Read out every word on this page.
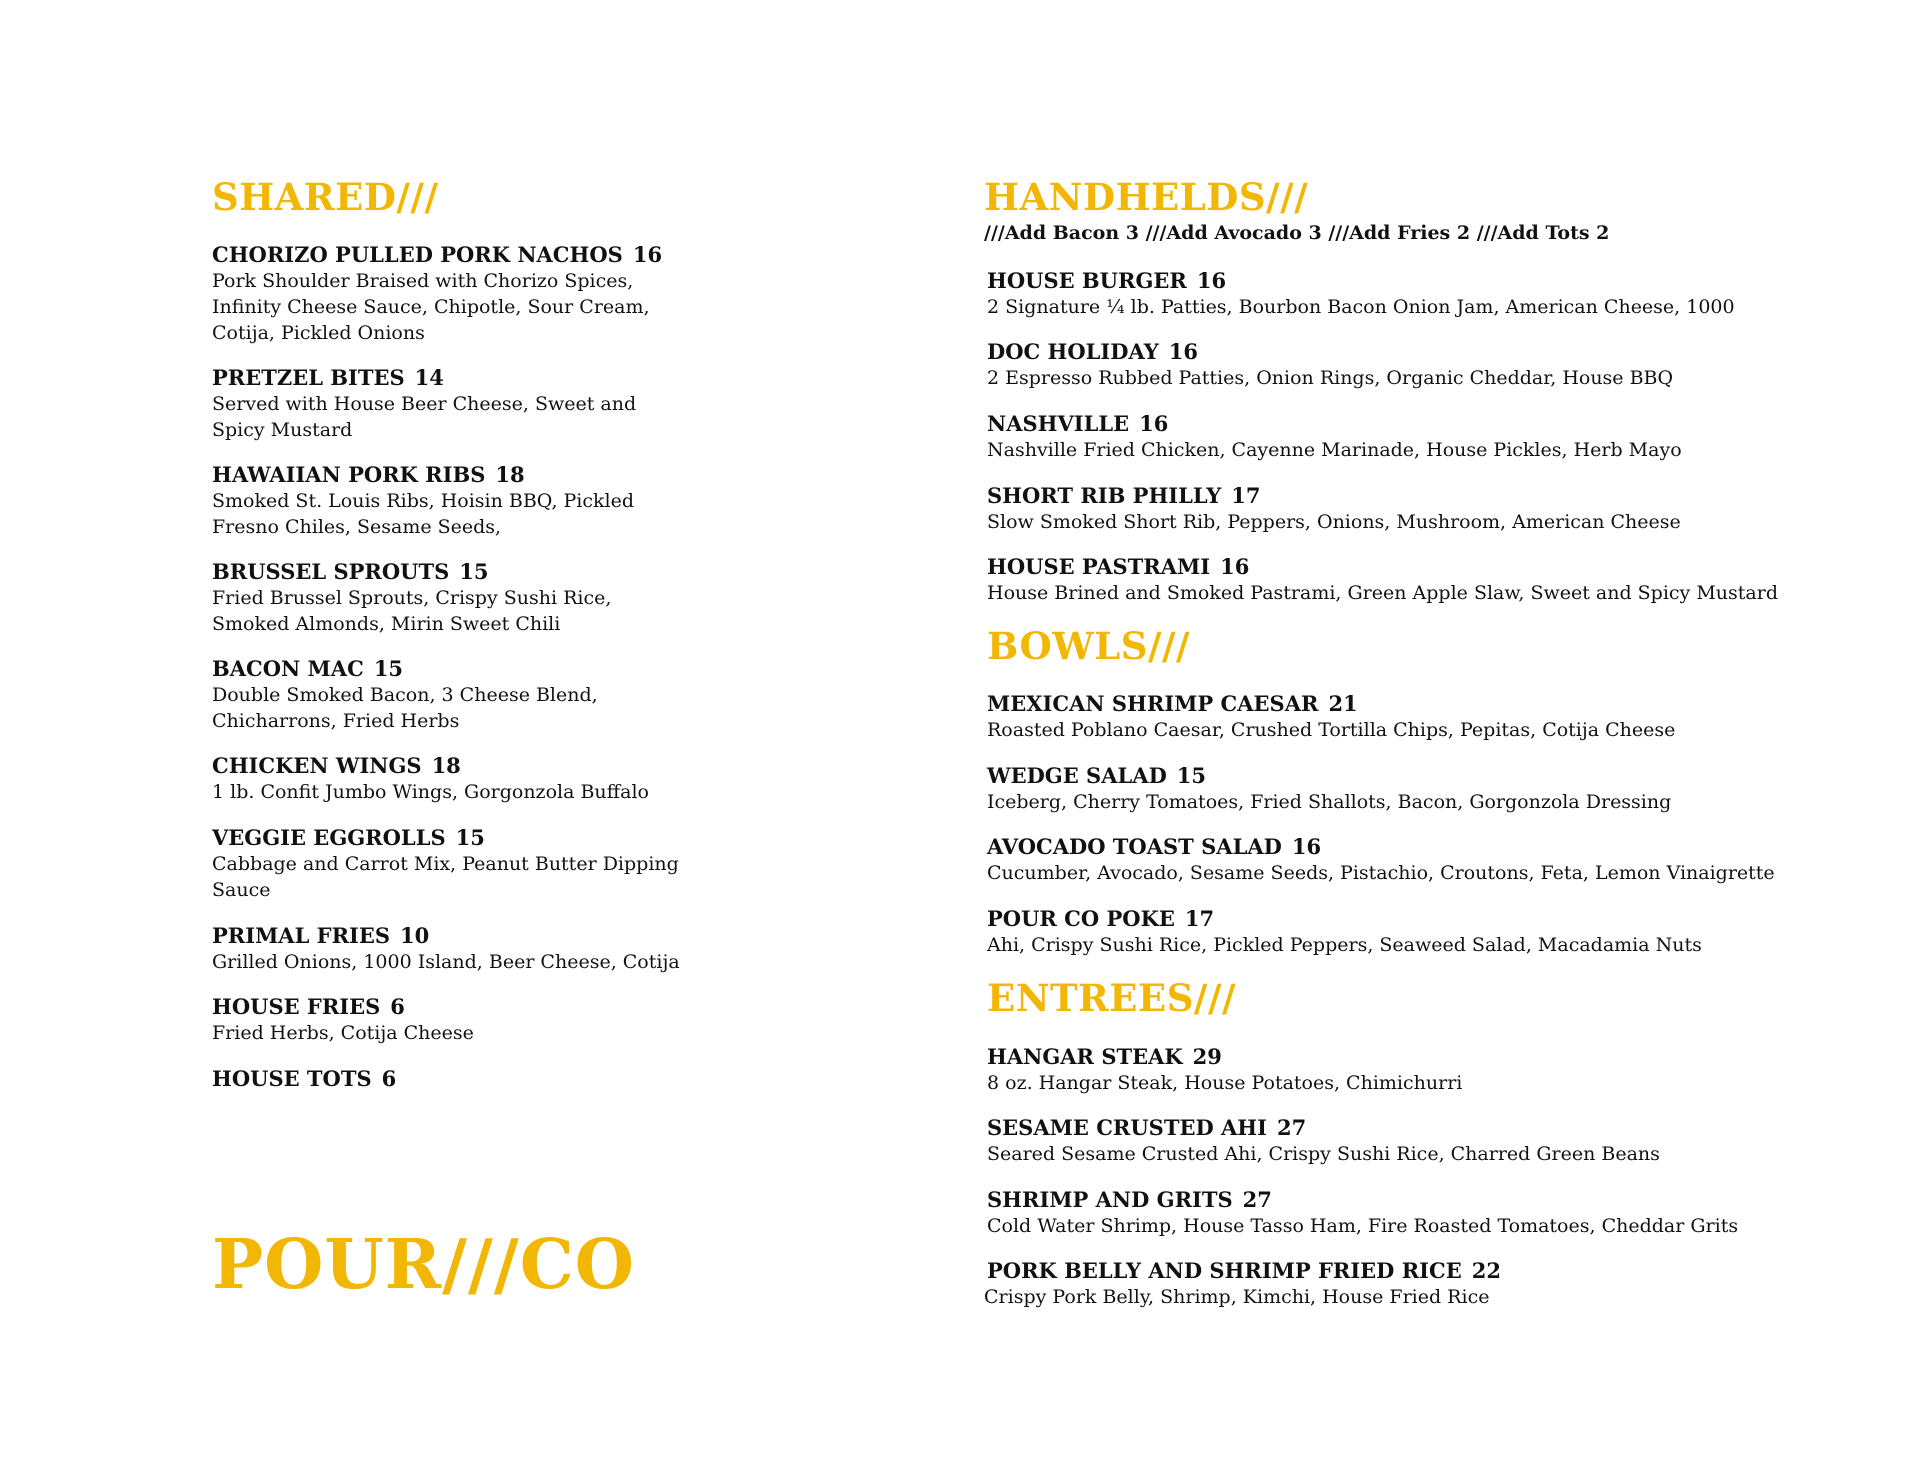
SHARED///
CHORIZO PULLED PORK NACHOS 16
Pork Shoulder Braised with Chorizo Spices, Infinity Cheese Sauce, Chipotle, Sour Cream, Cotija, Pickled Onions
PRETZEL BITES 14
Served with House Beer Cheese, Sweet and Spicy Mustard
HAWAIIAN PORK RIBS 18
Smoked St. Louis Ribs, Hoisin BBQ, Pickled Fresno Chiles, Sesame Seeds,
BRUSSEL SPROUTS 15
Fried Brussel Sprouts, Crispy Sushi Rice, Smoked Almonds, Mirin Sweet Chili
BACON MAC 15
Double Smoked Bacon, 3 Cheese Blend, Chicharrons, Fried Herbs
CHICKEN WINGS 18
1 lb. Confit Jumbo Wings, Gorgonzola Buffalo
VEGGIE EGGROLLS 15
Cabbage and Carrot Mix, Peanut Butter Dipping Sauce
PRIMAL FRIES 10
Grilled Onions, 1000 Island, Beer Cheese, Cotija
HOUSE FRIES 6
Fried Herbs, Cotija Cheese
HOUSE TOTS 6
POUR///CO
HANDHELDS///
///Add Bacon 3 ///Add Avocado 3 ///Add Fries 2 ///Add Tots 2
HOUSE BURGER 16
2 Signature ¼ lb. Patties, Bourbon Bacon Onion Jam, American Cheese, 1000
DOC HOLIDAY 16
2 Espresso Rubbed Patties, Onion Rings, Organic Cheddar, House BBQ
NASHVILLE 16
Nashville Fried Chicken, Cayenne Marinade, House Pickles, Herb Mayo
SHORT RIB PHILLY 17
Slow Smoked Short Rib, Peppers, Onions, Mushroom, American Cheese
HOUSE PASTRAMI 16
House Brined and Smoked Pastrami, Green Apple Slaw, Sweet and Spicy Mustard
BOWLS///
MEXICAN SHRIMP CAESAR 21
Roasted Poblano Caesar, Crushed Tortilla Chips, Pepitas, Cotija Cheese
WEDGE SALAD 15
Iceberg, Cherry Tomatoes, Fried Shallots, Bacon, Gorgonzola Dressing
AVOCADO TOAST SALAD 16
Cucumber, Avocado, Sesame Seeds, Pistachio, Croutons, Feta, Lemon Vinaigrette
POUR CO POKE 17
Ahi, Crispy Sushi Rice, Pickled Peppers, Seaweed Salad, Macadamia Nuts
ENTREES///
HANGAR STEAK 29
8 oz. Hangar Steak, House Potatoes, Chimichurri
SESAME CRUSTED AHI 27
Seared Sesame Crusted Ahi, Crispy Sushi Rice, Charred Green Beans
SHRIMP AND GRITS 27
Cold Water Shrimp, House Tasso Ham, Fire Roasted Tomatoes, Cheddar Grits
PORK BELLY AND SHRIMP FRIED RICE 22
Crispy Pork Belly, Shrimp, Kimchi, House Fried Rice
